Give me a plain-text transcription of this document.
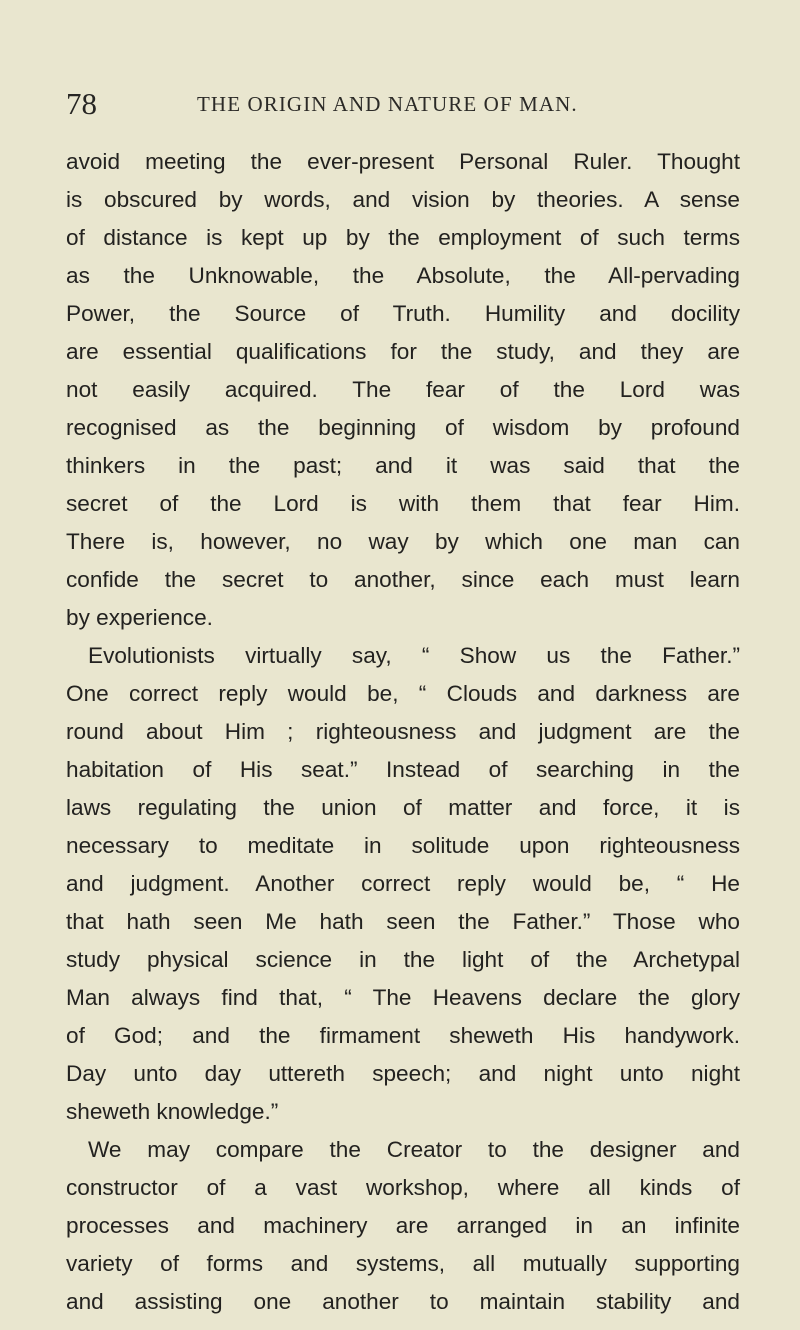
78	THE ORIGIN AND NATURE OF MAN.
avoid meeting the ever-present Personal Ruler. Thought
is obscured by words, and vision by theories. A sense
of distance is kept up by the employment of such terms
as the Unknowable, the Absolute, the All-pervading
Power, the Source of Truth. Humility and docility
are essential qualifications for the study, and they are
not easily acquired. The fear of the Lord was
recognised as the beginning of wisdom by profound
thinkers in the past; and it was said that the
secret of the Lord is with them that fear Him.
There is, however, no way by which one man can
confide the secret to another, since each must learn
by experience.
Evolutionists virtually say, “ Show us the Father.”
One correct reply would be, “ Clouds and darkness are
round about Him ; righteousness and judgment are the
habitation of His seat.” Instead of searching in the
laws regulating the union of matter and force, it is
necessary to meditate in solitude upon righteousness
and judgment. Another correct reply would be, “ He
that hath seen Me hath seen the Father.” Those who
study physical science in the light of the Archetypal
Man always find that, “ The Heavens declare the glory
of God; and the firmament sheweth His handywork.
Day unto day uttereth speech; and night unto night
sheweth knowledge.”
We may compare the Creator to the designer and
constructor of a vast workshop, where all kinds of
processes and machinery are arranged in an infinite
variety of forms and systems, all mutually supporting
and assisting one another to maintain stability and
